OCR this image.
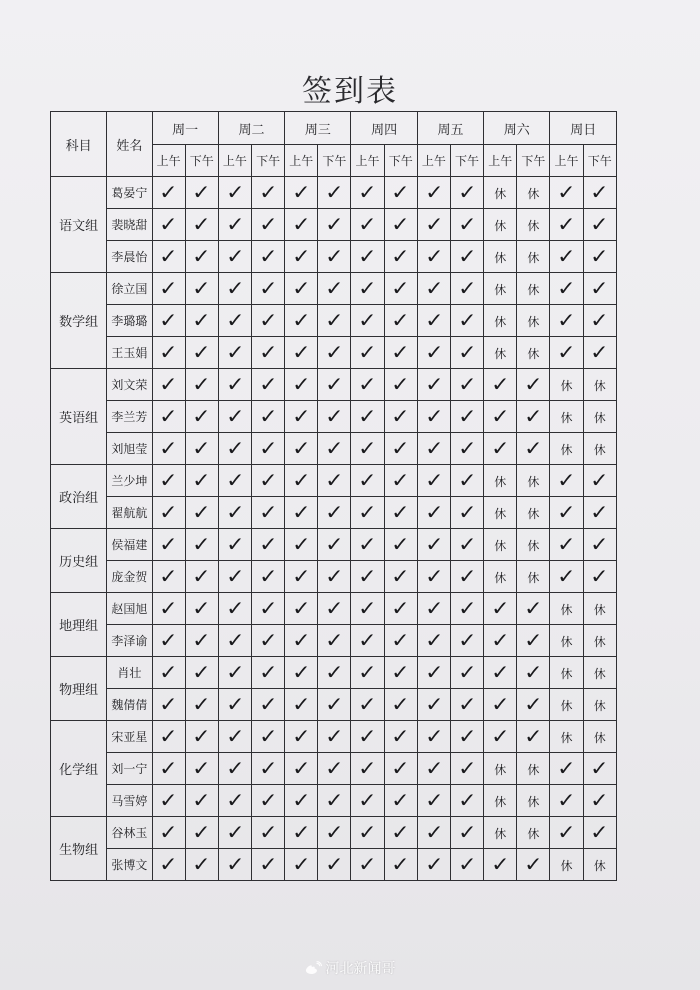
签到表
科目	姓名	周一		周二		周三		周四		周五		周六		周日	
		上午	下午	上午	下午	上午	下午	上午	下午	上午	下午	上午	下午	上午	下午
语文组	葛晏宁	✓	✓	✓	✓	✓	✓	✓	✓	✓	✓	休	休	✓	✓
	裴晓甜	✓	✓	✓	✓	✓	✓	✓	✓	✓	✓	休	休	✓	✓
	李晨怡	✓	✓	✓	✓	✓	✓	✓	✓	✓	✓	休	休	✓	✓
数学组	徐立国	✓	✓	✓	✓	✓	✓	✓	✓	✓	✓	休	休	✓	✓
	李璐璐	✓	✓	✓	✓	✓	✓	✓	✓	✓	✓	休	休	✓	✓
	王玉娟	✓	✓	✓	✓	✓	✓	✓	✓	✓	✓	休	休	✓	✓
英语组	刘文荣	✓	✓	✓	✓	✓	✓	✓	✓	✓	✓	✓	✓	休	休
	李兰芳	✓	✓	✓	✓	✓	✓	✓	✓	✓	✓	✓	✓	休	休
	刘旭莹	✓	✓	✓	✓	✓	✓	✓	✓	✓	✓	✓	✓	休	休
政治组	兰少坤	✓	✓	✓	✓	✓	✓	✓	✓	✓	✓	休	休	✓	✓
	翟航航	✓	✓	✓	✓	✓	✓	✓	✓	✓	✓	休	休	✓	✓
历史组	侯福建	✓	✓	✓	✓	✓	✓	✓	✓	✓	✓	休	休	✓	✓
	庞金贺	✓	✓	✓	✓	✓	✓	✓	✓	✓	✓	休	休	✓	✓
地理组	赵国旭	✓	✓	✓	✓	✓	✓	✓	✓	✓	✓	✓	✓	休	休
	李泽谕	✓	✓	✓	✓	✓	✓	✓	✓	✓	✓	✓	✓	休	休
物理组	肖壮	✓	✓	✓	✓	✓	✓	✓	✓	✓	✓	✓	✓	休	休
	魏倩倩	✓	✓	✓	✓	✓	✓	✓	✓	✓	✓	✓	✓	休	休
化学组	宋亚星	✓	✓	✓	✓	✓	✓	✓	✓	✓	✓	✓	✓	休	休
	刘一宁	✓	✓	✓	✓	✓	✓	✓	✓	✓	✓	休	休	✓	✓
	马雪婷	✓	✓	✓	✓	✓	✓	✓	✓	✓	✓	休	休	✓	✓
生物组	谷林玉	✓	✓	✓	✓	✓	✓	✓	✓	✓	✓	休	休	✓	✓
	张博文	✓	✓	✓	✓	✓	✓	✓	✓	✓	✓	✓	✓	休	休
河北新闻哥
